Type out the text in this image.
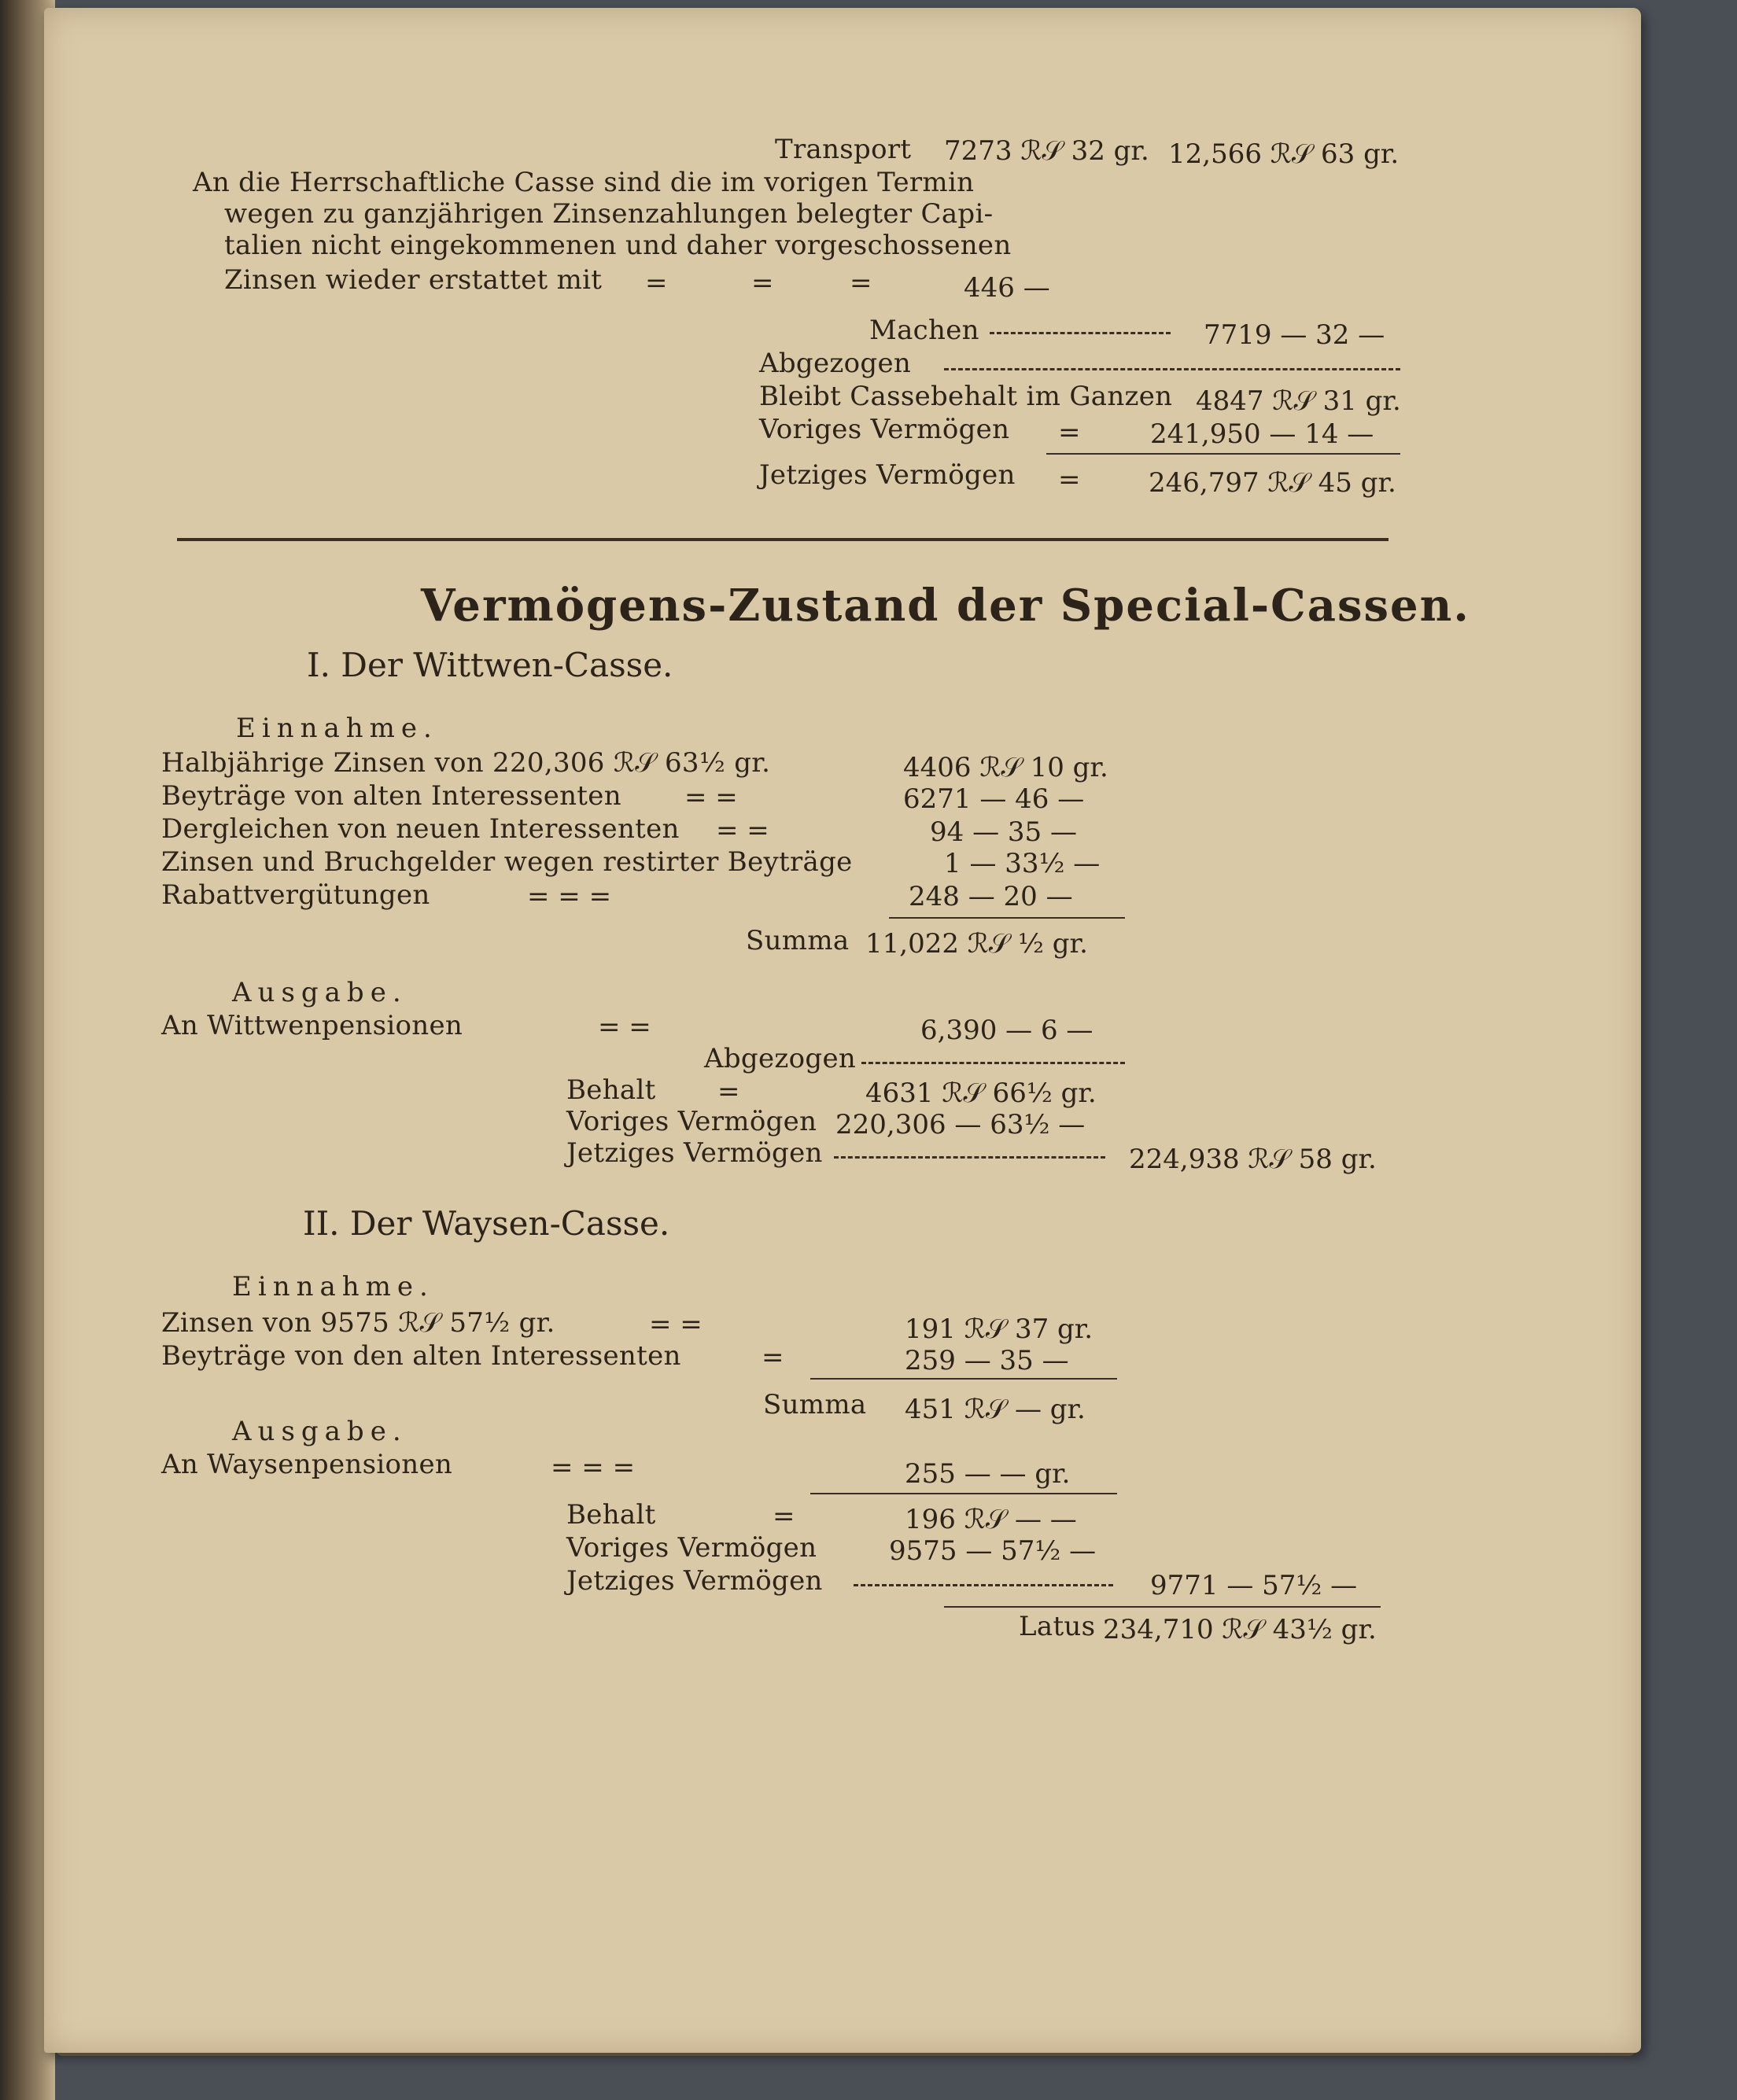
Transport 7273 ℛ𝒮 32 gr. 12,566 ℛ𝒮 63 gr.
An die Herrschaftliche Casse sind die im vorigen Termin
wegen zu ganzjährigen Zinsenzahlungen belegter Capi-
talien nicht eingekommenen und daher vorgeschossenen
Zinsen wieder erstattet mit =	=	=	446 —
Machen	7719 — 32 —
Abgezogen
Bleibt Cassebehalt im Ganzen 4847 ℛ𝒮 31 gr.
Voriges Vermögen =	241,950 — 14 —
Jetziges Vermögen =	246,797 ℛ𝒮 45 gr.
Vermögens-Zustand der Special-Cassen.
I. Der Wittwen-Casse.
Einnahme.
Halbjährige Zinsen von 220,306 ℛ𝒮 63½ gr.	4406 ℛ𝒮 10 gr.
Beyträge von alten Interessenten = =	6271 — 46 —
Dergleichen von neuen Interessenten = =	94 — 35 —
Zinsen und Bruchgelder wegen restirter Beyträge	1 — 33½ —
Rabattvergütungen	= = =	248 — 20 —
Summa 11,022 ℛ𝒮 ½ gr.
Ausgabe.
An Wittwenpensionen	= =	6,390 — 6 —
Abgezogen
Behalt =	4631 ℛ𝒮 66½ gr.
Voriges Vermögen 220,306 — 63½ —
Jetziges Vermögen	224,938 ℛ𝒮 58 gr.
II. Der Waysen-Casse.
Einnahme.
Zinsen von 9575 ℛ𝒮 57½ gr.	= =	191 ℛ𝒮 37 gr.
Beyträge von den alten Interessenten	=	259 — 35 —
Summa 451 ℛ𝒮 — gr.
Ausgabe.
An Waysenpensionen	= = =	255 — — gr.
Behalt	=	196 ℛ𝒮 — —
Voriges Vermögen	9575 — 57½ —
Jetziges Vermögen	9771 — 57½ —
Latus 234,710 ℛ𝒮 43½ gr.
